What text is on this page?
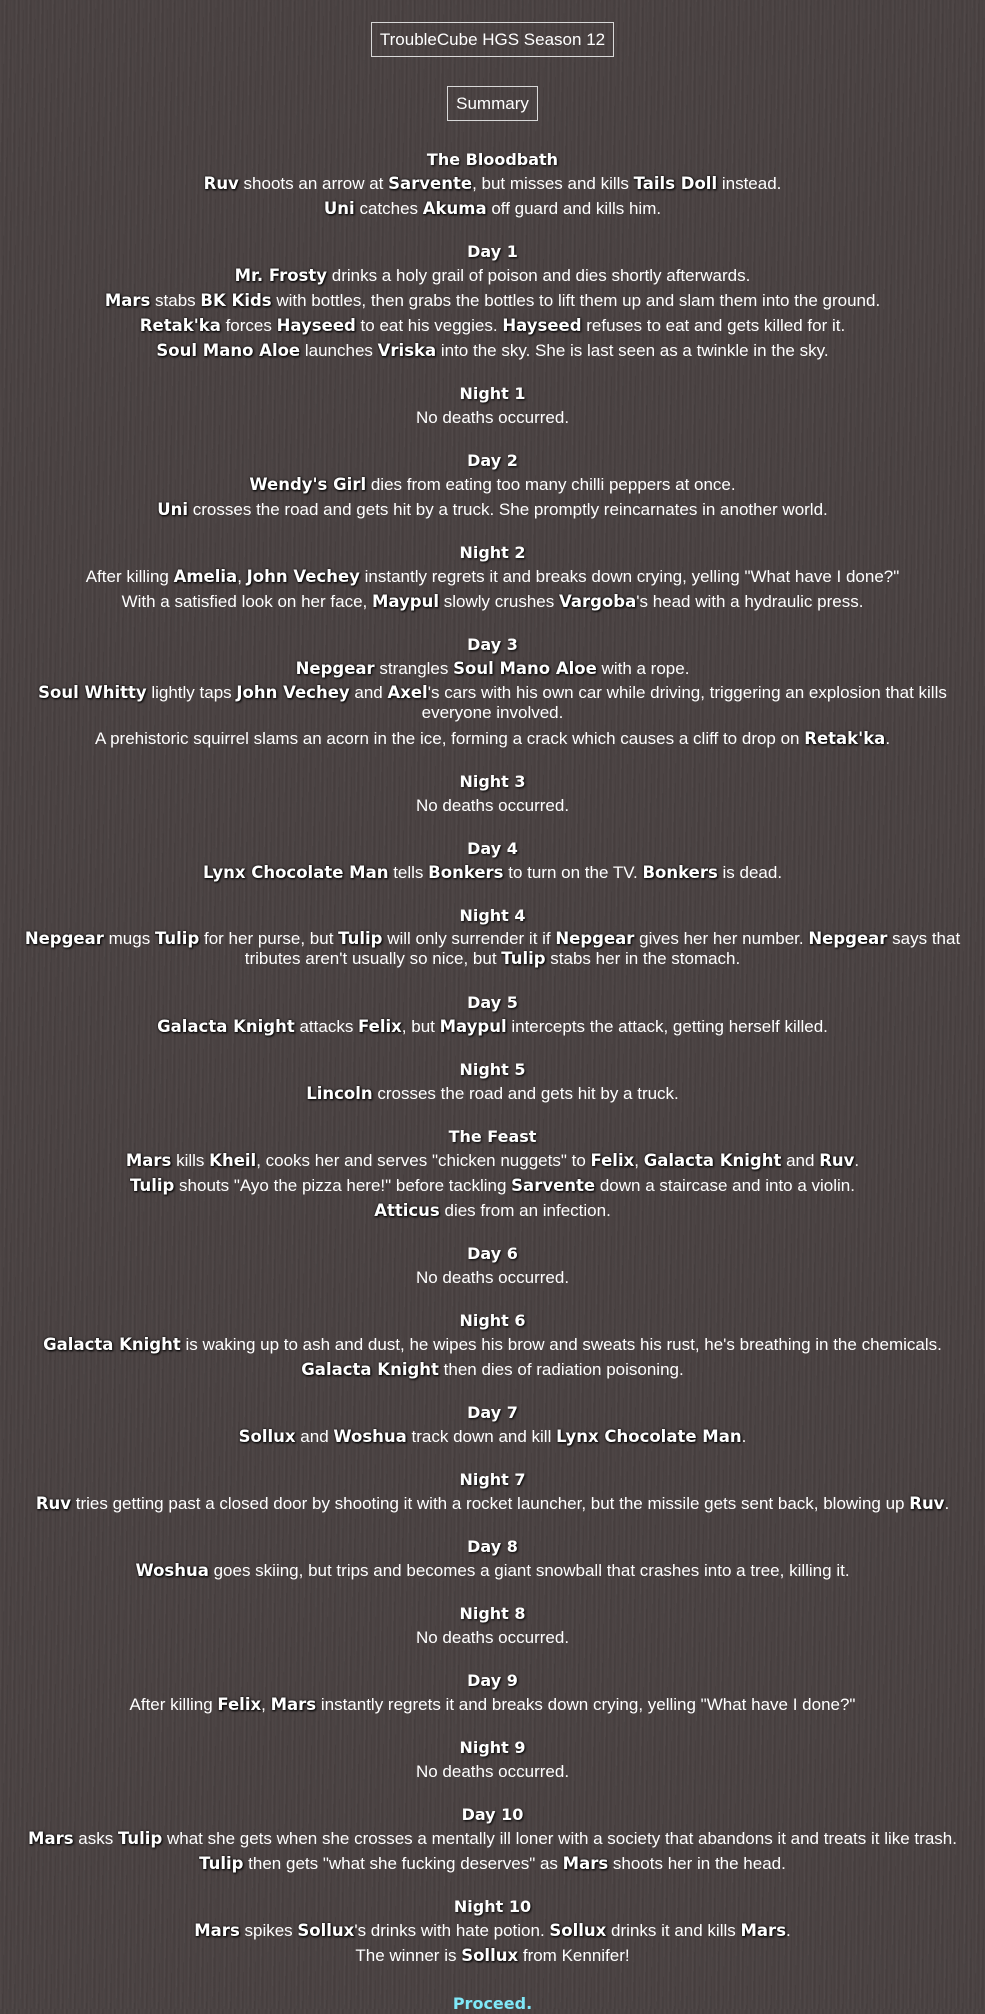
TroubleCube HGS Season 12
Summary
The Bloodbath
Ruv shoots an arrow at Sarvente, but misses and kills Tails Doll instead.
Uni catches Akuma off guard and kills him.
Day 1
Mr. Frosty drinks a holy grail of poison and dies shortly afterwards.
Mars stabs BK Kids with bottles, then grabs the bottles to lift them up and slam them into the ground.
Retak'ka forces Hayseed to eat his veggies. Hayseed refuses to eat and gets killed for it.
Soul Mano Aloe launches Vriska into the sky. She is last seen as a twinkle in the sky.
Night 1
No deaths occurred.
Day 2
Wendy's Girl dies from eating too many chilli peppers at once.
Uni crosses the road and gets hit by a truck. She promptly reincarnates in another world.
Night 2
After killing Amelia, John Vechey instantly regrets it and breaks down crying, yelling "What have I done?"
With a satisfied look on her face, Maypul slowly crushes Vargoba's head with a hydraulic press.
Day 3
Nepgear strangles Soul Mano Aloe with a rope.
Soul Whitty lightly taps John Vechey and Axel's cars with his own car while driving, triggering an explosion that kills everyone involved.
A prehistoric squirrel slams an acorn in the ice, forming a crack which causes a cliff to drop on Retak'ka.
Night 3
No deaths occurred.
Day 4
Lynx Chocolate Man tells Bonkers to turn on the TV. Bonkers is dead.
Night 4
Nepgear mugs Tulip for her purse, but Tulip will only surrender it if Nepgear gives her her number. Nepgear says that tributes aren't usually so nice, but Tulip stabs her in the stomach.
Day 5
Galacta Knight attacks Felix, but Maypul intercepts the attack, getting herself killed.
Night 5
Lincoln crosses the road and gets hit by a truck.
The Feast
Mars kills Kheil, cooks her and serves "chicken nuggets" to Felix, Galacta Knight and Ruv.
Tulip shouts "Ayo the pizza here!" before tackling Sarvente down a staircase and into a violin.
Atticus dies from an infection.
Day 6
No deaths occurred.
Night 6
Galacta Knight is waking up to ash and dust, he wipes his brow and sweats his rust, he's breathing in the chemicals.
Galacta Knight then dies of radiation poisoning.
Day 7
Sollux and Woshua track down and kill Lynx Chocolate Man.
Night 7
Ruv tries getting past a closed door by shooting it with a rocket launcher, but the missile gets sent back, blowing up Ruv.
Day 8
Woshua goes skiing, but trips and becomes a giant snowball that crashes into a tree, killing it.
Night 8
No deaths occurred.
Day 9
After killing Felix, Mars instantly regrets it and breaks down crying, yelling "What have I done?"
Night 9
No deaths occurred.
Day 10
Mars asks Tulip what she gets when she crosses a mentally ill loner with a society that abandons it and treats it like trash.
Tulip then gets "what she fucking deserves" as Mars shoots her in the head.
Night 10
Mars spikes Sollux's drinks with hate potion. Sollux drinks it and kills Mars.
The winner is Sollux from Kennifer!
Proceed.
